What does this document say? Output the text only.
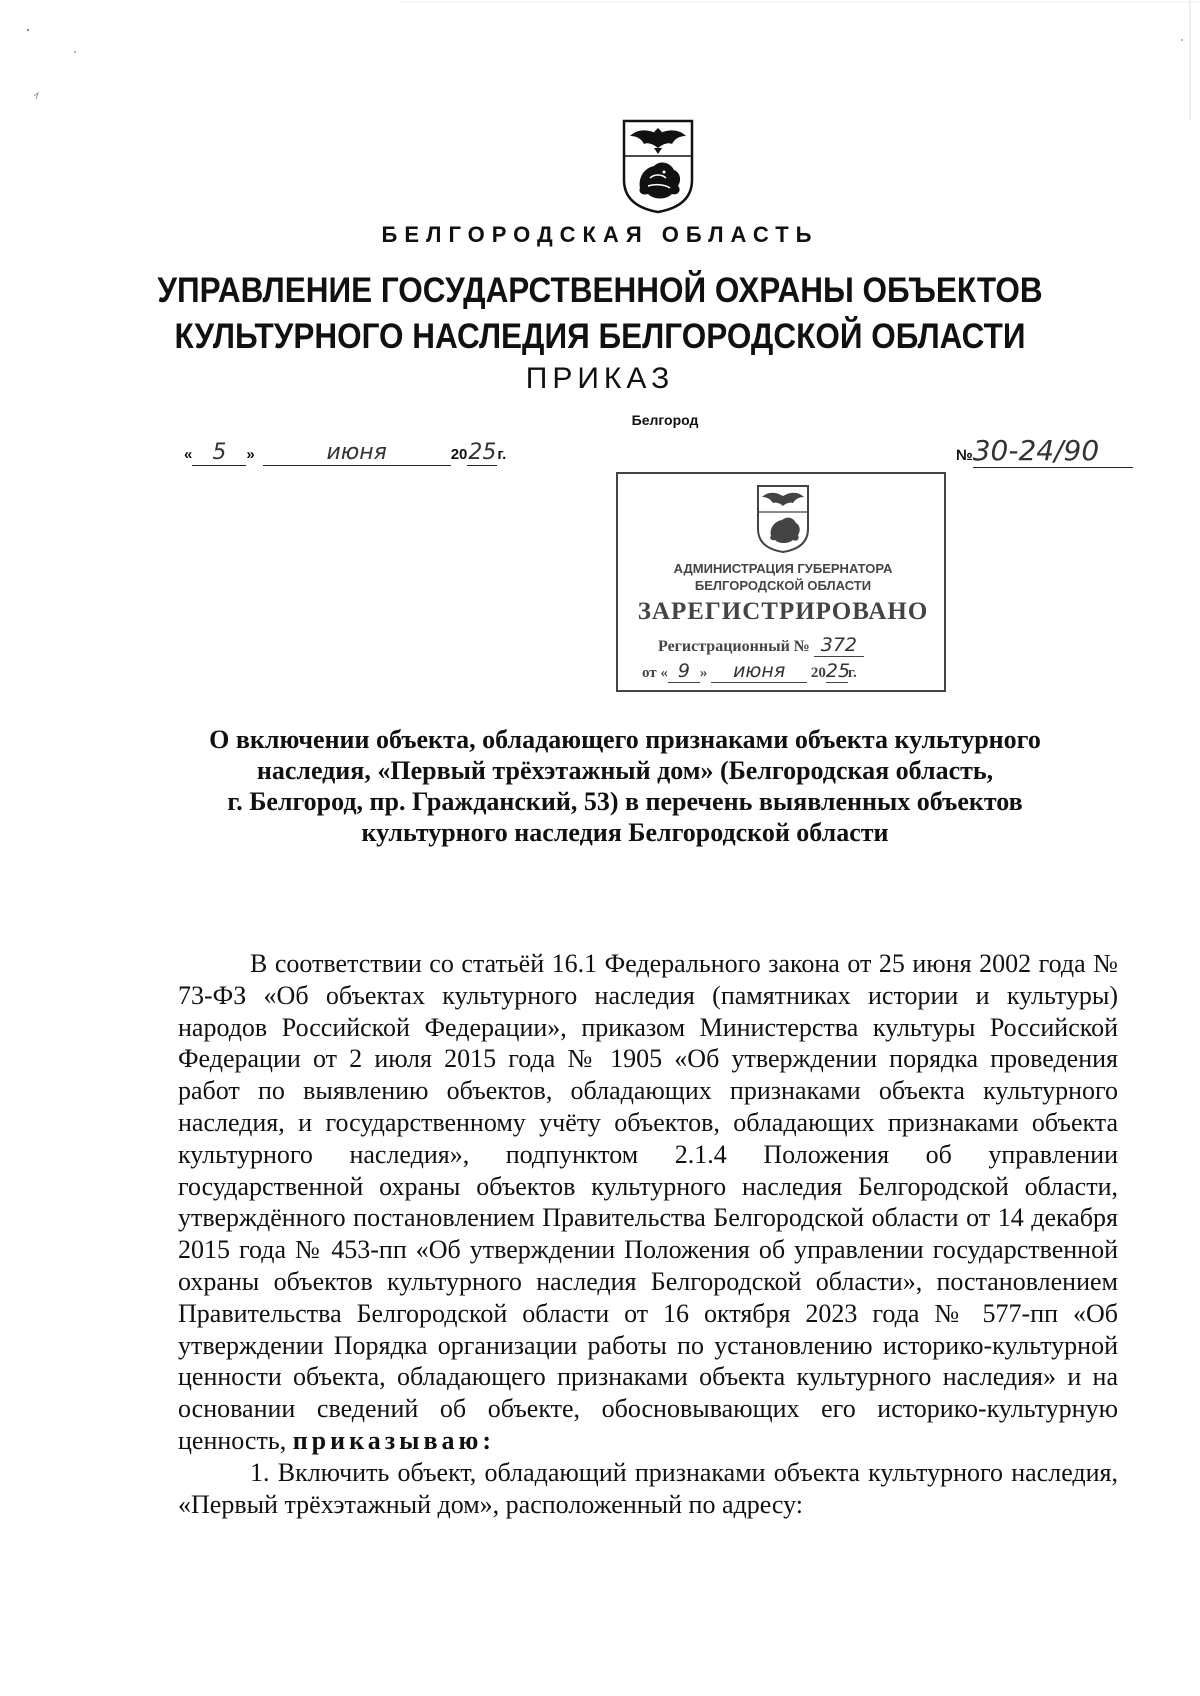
БЕЛГОРОДСКАЯ ОБЛАСТЬ
УПРАВЛЕНИЕ ГОСУДАРСТВЕННОЙ ОХРАНЫ ОБЪЕКТОВ
КУЛЬТУРНОГО НАСЛЕДИЯ БЕЛГОРОДСКОЙ ОБЛАСТИ
ПРИКАЗ
Белгород
« 5 »	июня	2025г.	№30-24/90
АДМИНИСТРАЦИЯ ГУБЕРНАТОРА
БЕЛГОРОДСКОЙ ОБЛАСТИ
ЗАРЕГИСТРИРОВАНО
Регистрационный № 372
от « 9 » июня 2025г.
О включении объекта, обладающего признаками объекта культурного
наследия, «Первый трёхэтажный дом» (Белгородская область,
г. Белгород, пр. Гражданский, 53) в перечень выявленных объектов
культурного наследия Белгородской области

В соответствии со статьёй 16.1 Федерального закона от 25 июня 2002 года № 73-ФЗ «Об объектах культурного наследия (памятниках истории и культуры) народов Российской Федерации», приказом Министерства культуры Российской Федерации от 2 июля 2015 года № 1905 «Об утверждении порядка проведения работ по выявлению объектов, обладающих признаками объекта культурного наследия, и государственному учёту объектов, обладающих признаками объекта культурного наследия», подпунктом 2.1.4 Положения об управлении государственной охраны объектов культурного наследия Белгородской области, утверждённого постановлением Правительства Белгородской области от 14 декабря 2015 года № 453-пп «Об утверждении Положения об управлении государственной охраны объектов культурного наследия Белгородской области», постановлением Правительства Белгородской области от 16 октября 2023 года № 577-пп «Об утверждении Порядка организации работы по установлению историко-культурной ценности объекта, обладающего признаками объекта культурного наследия» и на основании сведений об объекте, обосновывающих его историко-культурную ценность, приказываю:

1. Включить объект, обладающий признаками объекта культурного наследия, «Первый трёхэтажный дом», расположенный по адресу:
